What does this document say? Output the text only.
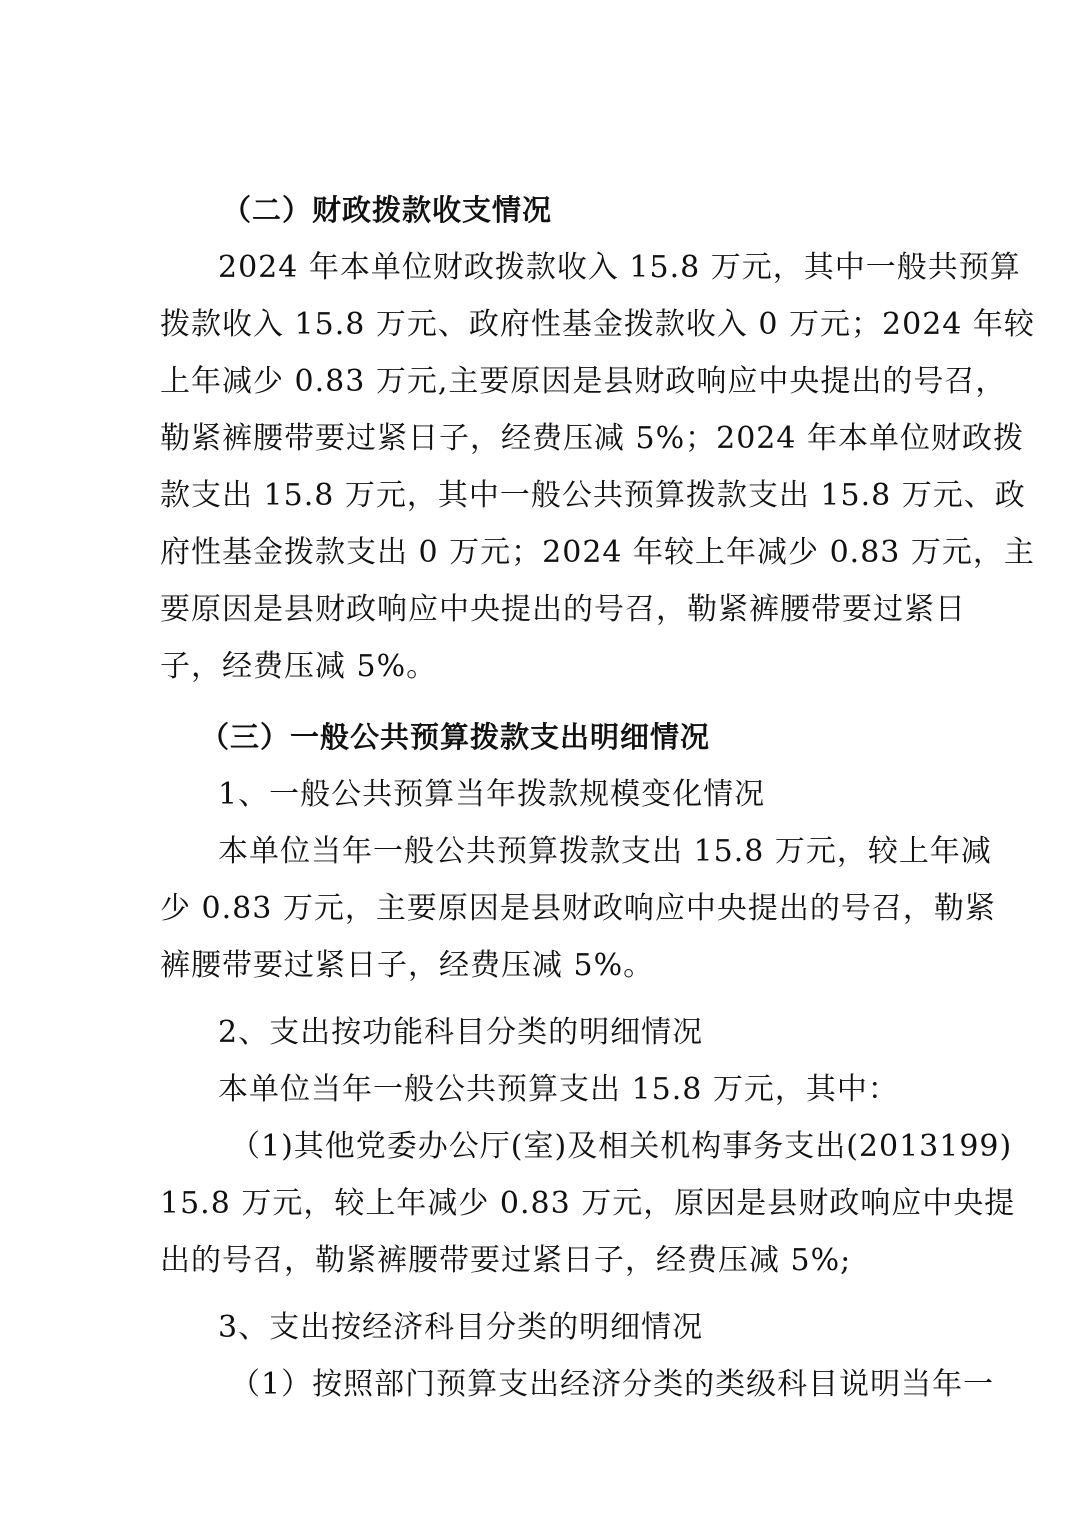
（二）财政拨款收支情况
2024 年本单位财政拨款收入 15.8 万元，其中一般共预算
拨款收入 15.8 万元、政府性基金拨款收入 0 万元；2024 年较
上年减少 0.83 万元,主要原因是县财政响应中央提出的号召，
勒紧裤腰带要过紧日子，经费压减 5%；2024 年本单位财政拨
款支出 15.8 万元，其中一般公共预算拨款支出 15.8 万元、政
府性基金拨款支出 0 万元；2024 年较上年减少 0.83 万元，主
要原因是县财政响应中央提出的号召，勒紧裤腰带要过紧日
子，经费压减 5%。
（三）一般公共预算拨款支出明细情况
1、一般公共预算当年拨款规模变化情况
本单位当年一般公共预算拨款支出 15.8 万元，较上年减
少 0.83 万元，主要原因是县财政响应中央提出的号召，勒紧
裤腰带要过紧日子，经费压减 5%。
2、支出按功能科目分类的明细情况
本单位当年一般公共预算支出 15.8 万元，其中：
（1)其他党委办公厅(室)及相关机构事务支出(2013199)
15.8 万元，较上年减少 0.83 万元，原因是县财政响应中央提
出的号召，勒紧裤腰带要过紧日子，经费压减 5%;
3、支出按经济科目分类的明细情况
（1）按照部门预算支出经济分类的类级科目说明当年一
